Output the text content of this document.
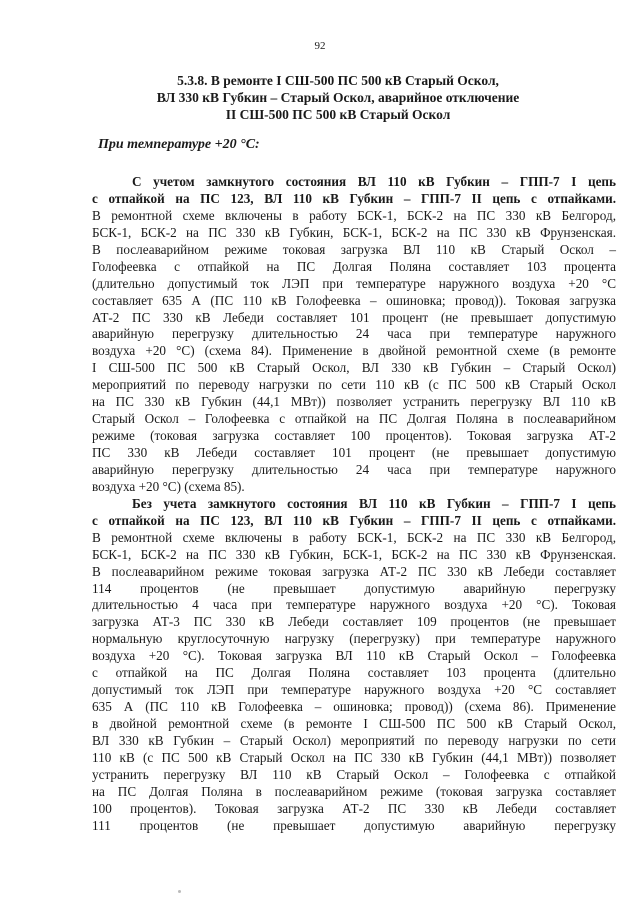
92
5.3.8. В ремонте I СШ-500 ПС 500 кВ Старый Оскол,
ВЛ 330 кВ Губкин – Старый Оскол, аварийное отключение
II СШ-500 ПС 500 кВ Старый Оскол
При температуре +20 °С:
С учетом замкнутого состояния ВЛ 110 кВ Губкин – ГПП-7 I цепь
с отпайкой на ПС 123, ВЛ 110 кВ Губкин – ГПП-7 II цепь с отпайками.
В ремонтной схеме включены в работу БСК-1, БСК-2 на ПС 330 кВ Белгород,
БСК-1, БСК-2 на ПС 330 кВ Губкин, БСК-1, БСК-2 на ПС 330 кВ Фрунзенская.
В послеаварийном режиме токовая загрузка ВЛ 110 кВ Старый Оскол –
Голофеевка с отпайкой на ПС Долгая Поляна составляет 103 процента
(длительно допустимый ток ЛЭП при температуре наружного воздуха +20 °С
составляет 635 А (ПС 110 кВ Голофеевка – ошиновка; провод)). Токовая загрузка
АТ-2 ПС 330 кВ Лебеди составляет 101 процент (не превышает допустимую
аварийную перегрузку длительностью 24 часа при температуре наружного
воздуха +20 °С) (схема 84). Применение в двойной ремонтной схеме (в ремонте
I СШ-500 ПС 500 кВ Старый Оскол, ВЛ 330 кВ Губкин – Старый Оскол)
мероприятий по переводу нагрузки по сети 110 кВ (с ПС 500 кВ Старый Оскол
на ПС 330 кВ Губкин (44,1 МВт)) позволяет устранить перегрузку ВЛ 110 кВ
Старый Оскол – Голофеевка с отпайкой на ПС Долгая Поляна в послеаварийном
режиме (токовая загрузка составляет 100 процентов). Токовая загрузка АТ-2
ПС 330 кВ Лебеди составляет 101 процент (не превышает допустимую
аварийную перегрузку длительностью 24 часа при температуре наружного
воздуха +20 °С) (схема 85).
Без учета замкнутого состояния ВЛ 110 кВ Губкин – ГПП-7 I цепь
с отпайкой на ПС 123, ВЛ 110 кВ Губкин – ГПП-7 II цепь с отпайками.
В ремонтной схеме включены в работу БСК-1, БСК-2 на ПС 330 кВ Белгород,
БСК-1, БСК-2 на ПС 330 кВ Губкин, БСК-1, БСК-2 на ПС 330 кВ Фрунзенская.
В послеаварийном режиме токовая загрузка АТ-2 ПС 330 кВ Лебеди составляет
114 процентов (не превышает допустимую аварийную перегрузку
длительностью 4 часа при температуре наружного воздуха +20 °С). Токовая
загрузка АТ-3 ПС 330 кВ Лебеди составляет 109 процентов (не превышает
нормальную круглосуточную нагрузку (перегрузку) при температуре наружного
воздуха +20 °С). Токовая загрузка ВЛ 110 кВ Старый Оскол – Голофеевка
с отпайкой на ПС Долгая Поляна составляет 103 процента (длительно
допустимый ток ЛЭП при температуре наружного воздуха +20 °С составляет
635 А (ПС 110 кВ Голофеевка – ошиновка; провод)) (схема 86). Применение
в двойной ремонтной схеме (в ремонте I СШ-500 ПС 500 кВ Старый Оскол,
ВЛ 330 кВ Губкин – Старый Оскол) мероприятий по переводу нагрузки по сети
110 кВ (с ПС 500 кВ Старый Оскол на ПС 330 кВ Губкин (44,1 МВт)) позволяет
устранить перегрузку ВЛ 110 кВ Старый Оскол – Голофеевка с отпайкой
на ПС Долгая Поляна в послеаварийном режиме (токовая загрузка составляет
100 процентов). Токовая загрузка АТ-2 ПС 330 кВ Лебеди составляет
111 процентов (не превышает допустимую аварийную перегрузку
